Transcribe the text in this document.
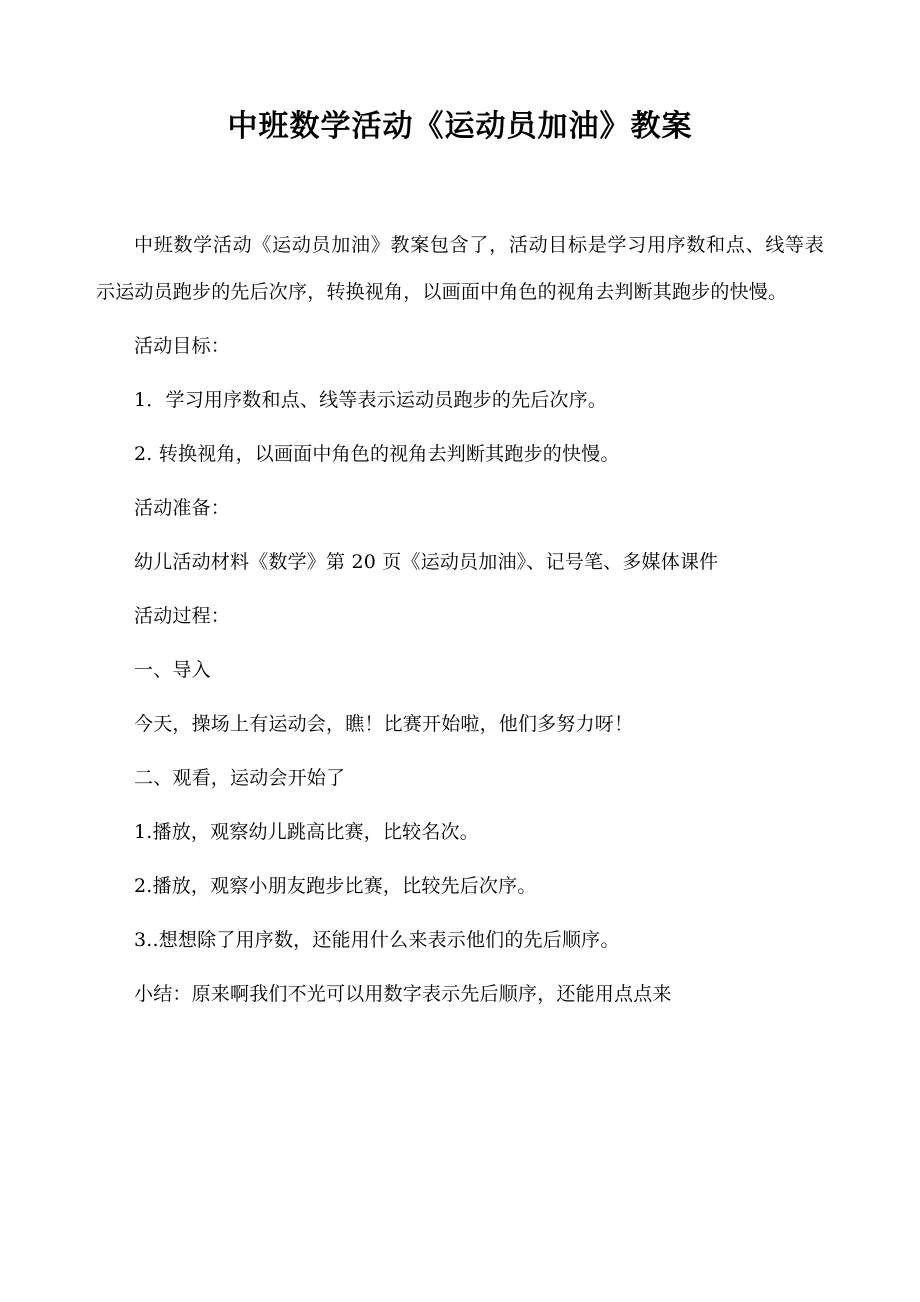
中班数学活动《运动员加油》教案

中班数学活动《运动员加油》教案包含了，活动目标是学习用序数和点、线等表示运动员跑步的先后次序，转换视角，以画面中角色的视角去判断其跑步的快慢。

活动目标：

1．学习用序数和点、线等表示运动员跑步的先后次序。

2. 转换视角，以画面中角色的视角去判断其跑步的快慢。

活动准备：

幼儿活动材料《数学》第 20 页《运动员加油》、记号笔、多媒体课件

活动过程：

一、导入

今天，操场上有运动会，瞧！比赛开始啦，他们多努力呀！

二、观看，运动会开始了

1.播放，观察幼儿跳高比赛，比较名次。

2.播放，观察小朋友跑步比赛，比较先后次序。

3..想想除了用序数，还能用什么来表示他们的先后顺序。

小结：原来啊我们不光可以用数字表示先后顺序，还能用点点来
